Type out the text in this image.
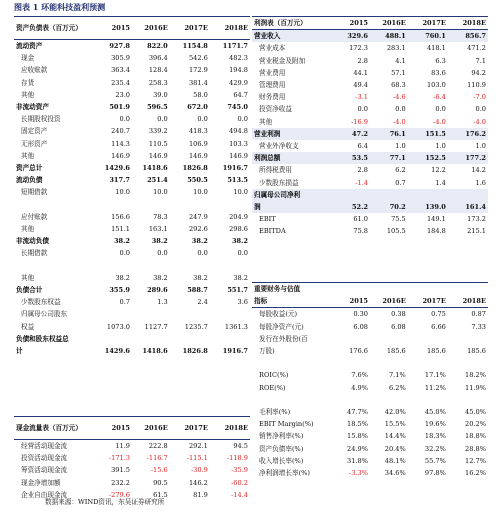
图表 1 环能科技盈利预测
资产负债表（百万元）	2015	2016E	2017E	2018E
流动资产	927.8	822.0	1154.8	1171.7
现金	305.9	396.4	542.6	482.3
应收账款	363.4	128.4	172.9	194.8
存货	235.4	258.3	381.4	429.9
其他	23.0	39.0	58.0	64.7
非流动资产	501.9	596.5	672.0	745.0
长期股权投资	0.0	0.0	0.0	0.0
固定资产	240.7	339.2	418.3	494.8
无形资产	114.3	110.5	106.9	103.3
其他	146.9	146.9	146.9	146.9
资产总计	1429.6	1418.6	1826.8	1916.7
流动负债	317.7	251.4	550.5	513.5
短期借款	10.0	10.0	10.0	10.0

应付账款	156.6	78.3	247.9	204.9
其他	151.1	163.1	292.6	298.6
非流动负债	38.2	38.2	38.2	38.2
长期借款	0.0	0.0	0.0	0.0

其他	38.2	38.2	38.2	38.2
负债合计	355.9	289.6	588.7	551.7
少数股东权益	0.7	1.3	2.4	3.6
归属母公司股东				
权益	1073.0	1127.7	1235.7	1361.3
负债和股东权益总				
计	1429.6	1418.6	1826.8	1916.7
利润表（百万元）	2015	2016E	2017E	2018E
营业收入	329.6	488.1	760.1	856.7
营业成本	172.3	283.1	418.1	471.2
营业税金及附加	2.8	4.1	6.3	7.1
营业费用	44.1	57.1	83.6	94.2
管理费用	49.4	68.3	103.0	110.9
财务费用	-3.1	-4.6	-6.4	-7.0
投资净收益	0.0	0.0	0.0	0.0
其他	-16.9	-4.0	-4.0	-4.0
营业利润	47.2	76.1	151.5	176.2
营业外净收支	6.4	1.0	1.0	1.0
利润总额	53.5	77.1	152.5	177.2
所得税费用	2.8	6.2	12.2	14.2
少数股东损益	-1.4	0.7	1.4	1.6
归属母公司净利				
润	52.2	70.2	139.0	161.4
EBIT	61.0	75.5	149.1	173.2
EBITDA	75.8	105.5	184.8	215.1
重要财务与估值				
指标	2015	2016E	2017E	2018E
每股收益(元)	0.30	0.38	0.75	0.87
每股净资产(元)	6.08	6.08	6.66	7.33
发行在外股份(百				
万股)	176.6	185.6	185.6	185.6

ROIC(%)	7.6%	7.1%	17.1%	18.2%
ROE(%)	4.9%	6.2%	11.2%	11.9%

毛利率(%)	47.7%	42.0%	45.0%	45.0%
EBIT Margin(%)	18.5%	15.5%	19.6%	20.2%
销售净利率(%)	15.8%	14.4%	18.3%	18.8%
资产负债率(%)	24.9%	20.4%	32.2%	28.8%
收入增长率(%)	31.8%	48.1%	55.7%	12.7%
净利润增长率(%)	-3.3%	34.6%	97.8%	16.2%
现金流量表（百万元）	2015	2016E	2017E	2018E
经营活动现金流	11.9	222.8	292.1	94.5
投资活动现金流	-171.3	-116.7	-115.1	-118.9
筹资活动现金流	391.5	-15.6	-30.9	-35.9
现金净增加额	232.2	90.5	146.2	-60.2
企业自由现金流	-279.6	61.5	81.9	-14.4
数据来源：WIND资讯，东吴证券研究所
